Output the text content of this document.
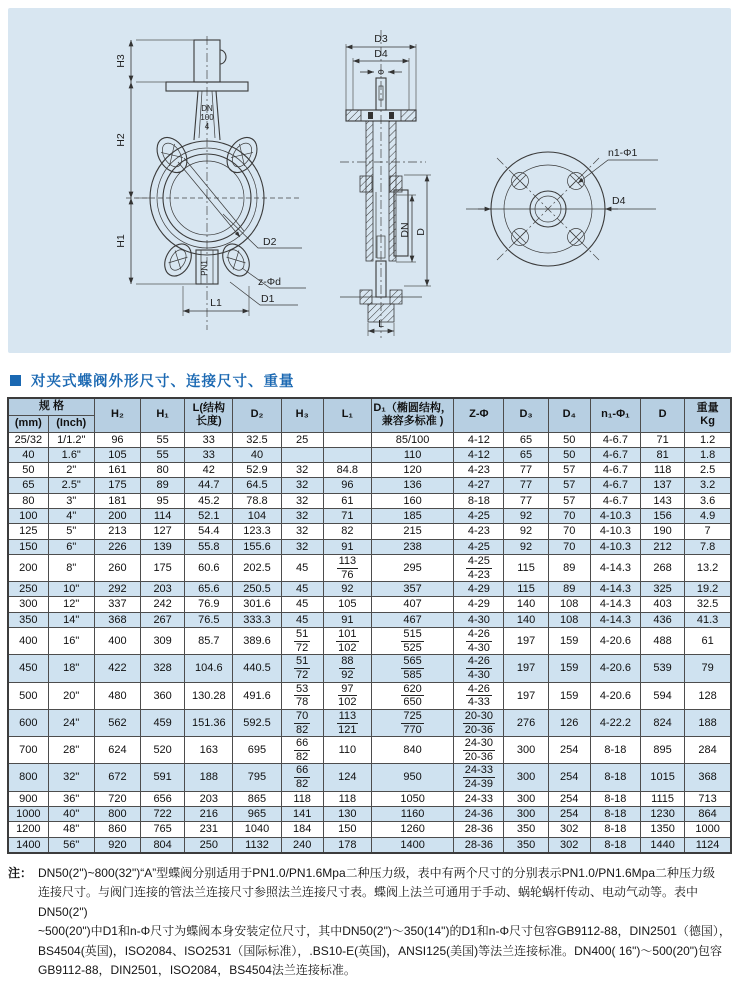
DN
100
4
PN1
H3
H2
H1
L1
D2
z-Φd
D1
D3
D4
Φ
DN D
L
D4
n1-Φ1
对夹式蝶阀外形尺寸、连接尺寸、重量
规 格	
H₂	H₁

L(结构
长度)

D₂	H₃	L₁

D₁（椭圆结构，
兼容多标准 )

Z-Φ	D₃	D₄	n₁-Φ₁	D

重量
Kg

(mm)	(Inch)													
25/32	1/1.2"	96	55	33	32.5	25		85/100	4-12	65	50	4-6.7	71	1.2
40	1.6"	105	55	33	40			110	4-12	65	50	4-6.7	81	1.8
50	2"	161	80	42	52.9	32	84.8	120	4-23	77	57	4-6.7	118	2.5
65	2.5"	175	89	44.7	64.5	32	96	136	4-27	77	57	4-6.7	137	3.2
80	3"	181	95	45.2	78.8	32	61	160	8-18	77	57	4-6.7	143	3.6
100	4"	200	114	52.1	104	32	71	185	4-25	92	70	4-10.3	156	4.9
125	5"	213	127	54.4	123.3	32	82	215	4-23	92	70	4-10.3	190	7
150	6"	226	139	55.8	155.6	32	91	238	4-25	92	70	4-10.3	212	7.8
200	8"	260	175	60.6	202.5	45	$\frac{113}{76}$	295	$\frac{4-25}{4-23}$	115	89	4-14.3	268	13.2
250	10"	292	203	65.6	250.5	45	92	357	4-29	115	89	4-14.3	325	19.2
300	12"	337	242	76.9	301.6	45	105	407	4-29	140	108	4-14.3	403	32.5
350	14"	368	267	76.5	333.3	45	91	467	4-30	140	108	4-14.3	436	41.3
400	16"	400	309	85.7	389.6	$\frac{51}{72}$	$\frac{101}{102}$	$\frac{515}{525}$	$\frac{4-26}{4-30}$	197	159	4-20.6	488	61
450	18"	422	328	104.6	440.5	$\frac{51}{72}$	$\frac{88}{92}$	$\frac{565}{585}$	$\frac{4-26}{4-30}$	197	159	4-20.6	539	79
500	20"	480	360	130.28	491.6	$\frac{53}{78}$	$\frac{97}{102}$	$\frac{620}{650}$	$\frac{4-26}{4-33}$	197	159	4-20.6	594	128
600	24"	562	459	151.36	592.5	$\frac{70}{82}$	$\frac{113}{121}$	$\frac{725}{770}$	$\frac{20-30}{20-36}$	276	126	4-22.2	824	188
700	28"	624	520	163	695	$\frac{66}{82}$	110	840	$\frac{24-30}{20-36}$	300	254	8-18	895	284
800	32"	672	591	188	795	$\frac{66}{82}$	124	950	$\frac{24-33}{24-39}$	300	254	8-18	1015	368
900	36"	720	656	203	865	118	118	1050	24-33	300	254	8-18	1115	713
1000	40"	800	722	216	965	141	130	1160	24-36	300	254	8-18	1230	864
1200	48"	860	765	231	1040	184	150	1260	28-36	350	302	8-18	1350	1000
1400	56"	920	804	250	1132	240	178	1400	28-36	350	302	8-18	1440	1124
注： DN50(2")~800(32")“A”型蝶阀分别适用于PN1.0/PN1.6Mpa二种压力级，表中有两个尺寸的分别表示PN1.0/PN1.6Mpa二种压力级
连接尺寸。与阀门连接的管法兰连接尺寸参照法兰连接尺寸表。蝶阀上法兰可通用于手动、蜗轮蜗杆传动、电动气动等。表中DN50(2")
~500(20")中D1和n-Φ尺寸为蝶阀本身安装定位尺寸，其中DN50(2")～350(14")的D1和n-Φ尺寸包容GB9112-88，DIN2501（德国），
BS4504(英国)，ISO2084、ISO2531（国际标准），.BS10-E(英国)，ANSI125(美国)等法兰连接标准。DN400( 16")～500(20")包容
GB9112-88，DIN2501，ISO2084，BS4504法兰连接标准。
